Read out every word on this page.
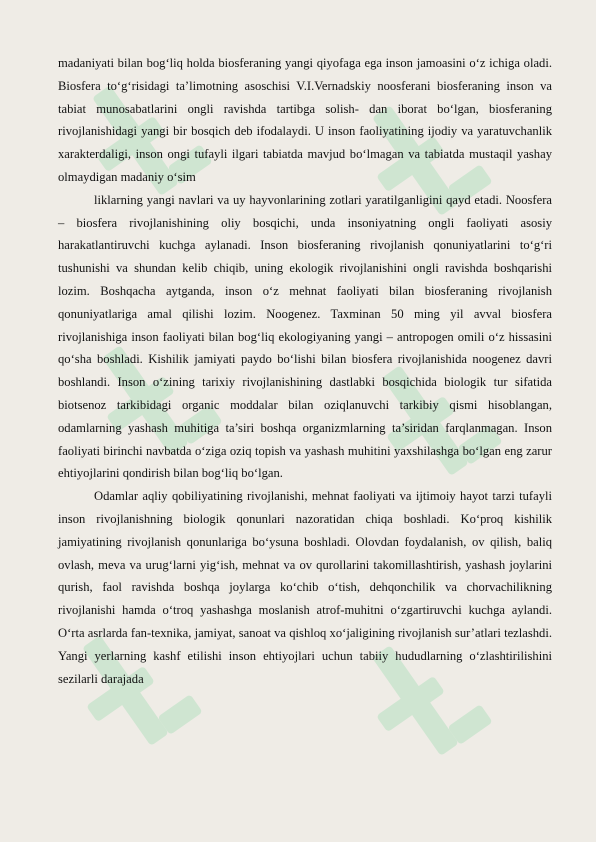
madaniyati bilan bog‘liq holda biosferaning yangi qiyofaga ega inson jamoasini o‘z ichiga oladi. Biosfera to‘g‘risidagi ta’limotning asoschisi V.I.Vernadskiy noosferani biosferaning inson va tabiat munosabatlarini ongli ravishda tartibga solish- dan iborat bo‘lgan, biosferaning rivojlanishidagi yangi bir bosqich deb ifodalaydi. U inson faoliyatining ijodiy va yaratuvchanlik xarakterdaligi, inson ongi tufayli ilgari tabiatda mavjud bo‘lmagan va tabiatda mustaqil yashay olmaydigan madaniy o‘sim

liklarning yangi navlari va uy hayvonlarining zotlari yaratilganligini qayd etadi. Noosfera – biosfera rivojlanishining oliy bosqichi, unda insoniyatning ongli faoliyati asosiy harakatlantiruvchi kuchga aylanadi. Inson biosferaning rivojlanish qonuniyatlarini to‘g‘ri tushunishi va shundan kelib chiqib, uning ekologik rivojlanishini ongli ravishda boshqarishi lozim. Boshqacha aytganda, inson o‘z mehnat faoliyati bilan biosferaning rivojlanish qonuniyatlariga amal qilishi lozim. Noogenez. Taxminan 50 ming yil avval biosfera rivojlanishiga inson faoliyati bilan bog‘liq ekologiyaning yangi – antropogen omili o‘z hissasini qo‘sha boshladi. Kishilik jamiyati paydo bo‘lishi bilan biosfera rivojlanishida noogenez davri boshlandi. Inson o‘zining tarixiy rivojlanishining dastlabki bosqichida biologik tur sifatida biotsenoz tarkibidagi organic moddalar bilan oziqlanuvchi tarkibiy qismi hisoblangan, odamlarning yashash muhitiga ta’siri boshqa organizmlarning ta’siridan farqlanmagan. Inson faoliyati birinchi navbatda o‘ziga oziq topish va yashash muhitini yaxshilashga bo‘lgan eng zarur ehtiyojlarini qondirish bilan bog‘liq bo‘lgan.

Odamlar aqliy qobiliyatining rivojlanishi, mehnat faoliyati va ijtimoiy hayot tarzi tufayli inson rivojlanishning biologik qonunlari nazoratidan chiqa boshladi. Ko‘proq kishilik jamiyatining rivojlanish qonunlariga bo‘ysuna boshladi. Olovdan foydalanish, ov qilish, baliq ovlash, meva va urug‘larni yig‘ish, mehnat va ov qurollarini takomillashtirish, yashash joylarini qurish, faol ravishda boshqa joylarga ko‘chib o‘tish, dehqonchilik va chorvachilikning rivojlanishi hamda o‘troq yashashga moslanish atrof-muhitni o‘zgartiruvchi kuchga aylandi. O‘rta asrlarda fan-texnika, jamiyat, sanoat va qishloq xo‘jaligining rivojlanish sur’atlari tezlashdi. Yangi yerlarning kashf etilishi inson ehtiyojlari uchun tabiiy hududlarning o‘zlashtirilishini sezilarli darajada
